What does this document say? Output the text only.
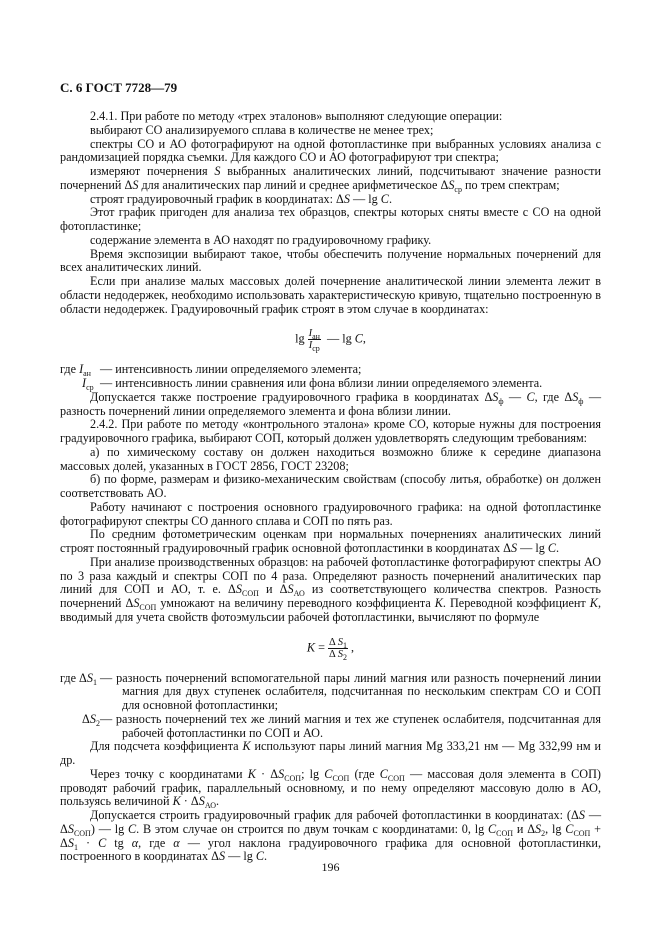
С. 6 ГОСТ 7728—79

2.4.1. При работе по методу «трех эталонов» выполняют следующие операции:

выбирают СО анализируемого сплава в количестве не менее трех;

спектры СО и АО фотографируют на одной фотопластинке при выбранных условиях анализа с рандомизацией порядка съемки. Для каждого СО и АО фотографируют три спектра;

измеряют почернения S выбранных аналитических линий, подсчитывают значение разности почернений ΔS для аналитических пар линий и среднее арифметическое $\Delta S_{ср}$ по трем спектрам;

строят градуировочный график в координатах: ΔS — lg C.

Этот график пригоден для анализа тех образцов, спектры которых сняты вместе с СО на одной фотопластинке;

содержание элемента в АО находят по градуировочному графику.

Время экспозиции выбирают такое, чтобы обеспечить получение нормальных почернений для всех аналитических линий.

Если при анализе малых массовых долей почернение аналитической линии элемента лежит в области недодержек, необходимо использовать характеристическую кривую, тщательно построенную в области недодержек. Градуировочный график строят в этом случае в координатах:

$\lg \frac{I_{ан}}{I_{ср}}$ — lg C,
где $I_{ан}$ — интенсивность линии определяемого элемента;
$I_{ср}$ — интенсивность линии сравнения или фона вблизи линии определяемого элемента.

Допускается также построение градуировочного графика в координатах $\Delta S_ф$ — C, где $\Delta S_ф$ — разность почернений линии определяемого элемента и фона вблизи линии.

2.4.2. При работе по методу «контрольного эталона» кроме СО, которые нужны для построения градуировочного графика, выбирают СОП, который должен удовлетворять следующим требованиям:

а) по химическому составу он должен находиться возможно ближе к середине диапазона массовых долей, указанных в ГОСТ 2856, ГОСТ 23208;

б) по форме, размерам и физико-механическим свойствам (способу литья, обработке) он должен соответствовать АО.

Работу начинают с построения основного градуировочного графика: на одной фотопластинке фотографируют спектры СО данного сплава и СОП по пять раз.

По средним фотометрическим оценкам при нормальных почернениях аналитических линий строят постоянный градуировочный график основной фотопластинки в координатах ΔS — lg C.

При анализе производственных образцов: на рабочей фотопластинке фотографируют спектры АО по 3 раза каждый и спектры СОП по 4 раза. Определяют разность почернений аналитических пар линий для СОП и АО, т. е. $\Delta S_{СОП}$ и $\Delta S_{АО}$ из соответствующего количества спектров. Разность почернений $\Delta S_{СОП}$ умножают на величину переводного коэффициента K. Переводной коэффициент K, вводимый для учета свойств фотоэмульсии рабочей фотопластинки, вычисляют по формуле

$K = \frac{\Delta S_1}{\Delta S_2}$ ,
где $\Delta S_1$ — разность почернений вспомогательной пары линий магния или разность почернений линии магния для двух ступенек ослабителя, подсчитанная по нескольким спектрам СО и СОП для основной фотопластинки;
$\Delta S_2$ — разность почернений тех же линий магния и тех же ступенек ослабителя, подсчитанная для рабочей фотопластинки по СОП и АО.

Для подсчета коэффициента K используют пары линий магния Mg 333,21 нм — Mg 332,99 нм и др.

Через точку с координатами $K \cdot \Delta S_{СОП}$; $\lg C_{СОП}$ (где $C_{СОП}$ — массовая доля элемента в СОП) проводят рабочий график, параллельный основному, и по нему определяют массовую долю в АО, пользуясь величиной $K \cdot \Delta S_{АО}$.

Допускается строить градуировочный график для рабочей фотопластинки в координатах: (ΔS — $\Delta S_{СОП}$) — lg C. В этом случае он строится по двум точкам с координатами: 0, $\lg C_{СОП}$ и $\Delta S_2$, $\lg C_{СОП} + \Delta S_1 \cdot C$ tg α, где α — угол наклона градуировочного графика для основной фотопластинки, построенного в координатах ΔS — lg C.

196
